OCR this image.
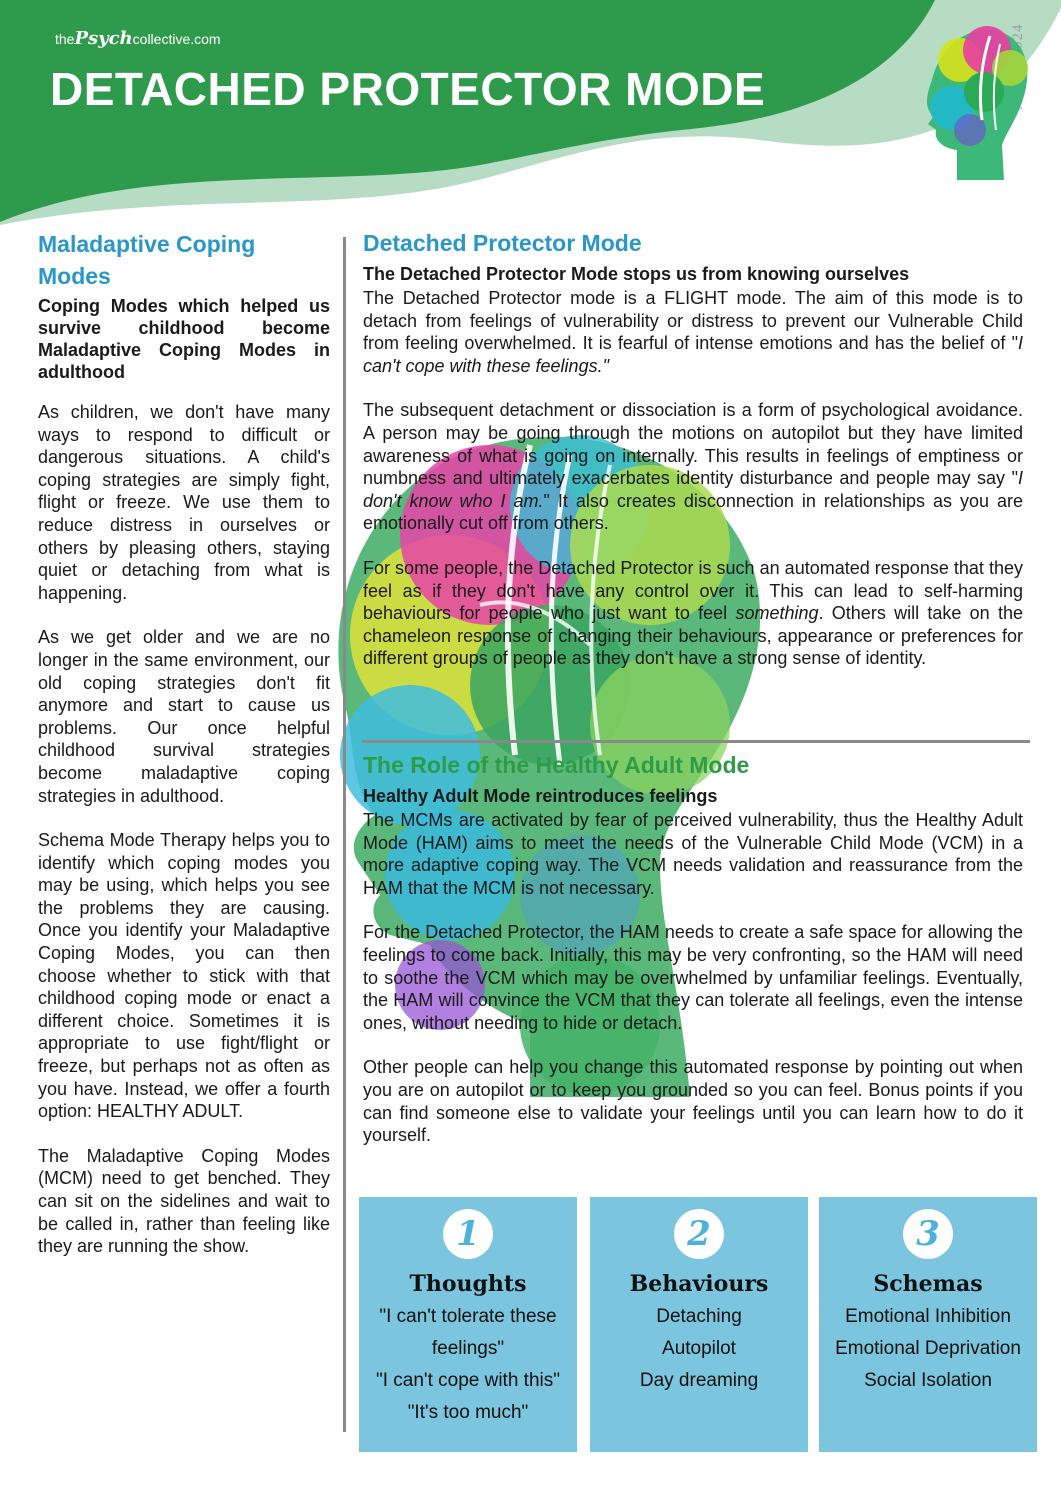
thePsychcollective.com
DETACHED PROTECTOR MODE
Maladaptive Coping Modes
Coping Modes which helped us survive childhood become Maladaptive Coping Modes in adulthood

As children, we don't have many ways to respond to difficult or dangerous situations. A child's coping strategies are simply fight, flight or freeze. We use them to reduce distress in ourselves or others by pleasing others, staying quiet or detaching from what is happening.

As we get older and we are no longer in the same environment, our old coping strategies don't fit anymore and start to cause us problems. Our once helpful childhood survival strategies become maladaptive coping strategies in adulthood.

Schema Mode Therapy helps you to identify which coping modes you may be using, which helps you see the problems they are causing. Once you identify your Maladaptive Coping Modes, you can then choose whether to stick with that childhood coping mode or enact a different choice. Sometimes it is appropriate to use fight/flight or freeze, but perhaps not as often as you have. Instead, we offer a fourth option: HEALTHY ADULT.

The Maladaptive Coping Modes (MCM) need to get benched. They can sit on the sidelines and wait to be called in, rather than feeling like they are running the show.

Detached Protector Mode
The Detached Protector Mode stops us from knowing ourselves

The Detached Protector mode is a FLIGHT mode. The aim of this mode is to detach from feelings of vulnerability or distress to prevent our Vulnerable Child from feeling overwhelmed. It is fearful of intense emotions and has the belief of "I can't cope with these feelings."

The subsequent detachment or dissociation is a form of psychological avoidance. A person may be going through the motions on autopilot but they have limited awareness of what is going on internally. This results in feelings of emptiness or numbness and ultimately exacerbates identity disturbance and people may say "I don't know who I am." It also creates disconnection in relationships as you are emotionally cut off from others.

For some people, the Detached Protector is such an automated response that they feel as if they don't have any control over it. This can lead to self-harming behaviours for people who just want to feel something. Others will take on the chameleon response of changing their behaviours, appearance or preferences for different groups of people as they don't have a strong sense of identity.

The Role of the Healthy Adult Mode
Healthy Adult Mode reintroduces feelings

The MCMs are activated by fear of perceived vulnerability, thus the Healthy Adult Mode (HAM) aims to meet the needs of the Vulnerable Child Mode (VCM) in a more adaptive coping way. The VCM needs validation and reassurance from the HAM that the MCM is not necessary.

For the Detached Protector, the HAM needs to create a safe space for allowing the feelings to come back. Initially, this may be very confronting, so the HAM will need to soothe the VCM which may be overwhelmed by unfamiliar feelings. Eventually, the HAM will convince the VCM that they can tolerate all feelings, even the intense ones, without needing to hide or detach.

Other people can help you change this automated response by pointing out when you are on autopilot or to keep you grounded so you can feel. Bonus points if you can find someone else to validate your feelings until you can learn how to do it yourself.

1
Thoughts
"I can't tolerate these
feelings"
"I can't cope with this"
"It's too much"
2
Behaviours
Detaching
Autopilot
Day dreaming
3
Schemas
Emotional Inhibition
Emotional Deprivation
Social Isolation
